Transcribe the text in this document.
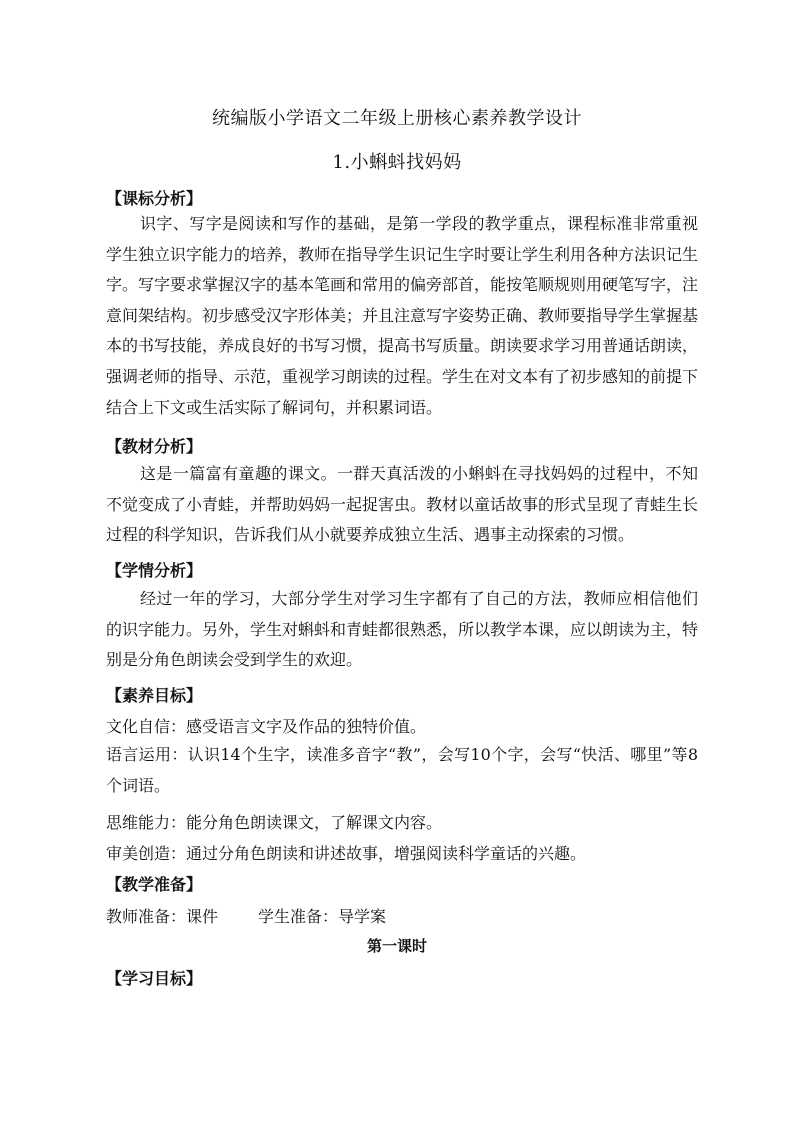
统编版小学语文二年级上册核心素养教学设计
1.小蝌蚪找妈妈
【课标分析】
识字、写字是阅读和写作的基础，是第一学段的教学重点，课程标准非常重视学生独立识字能力的培养，教师在指导学生识记生字时要让学生利用各种方法识记生字。写字要求掌握汉字的基本笔画和常用的偏旁部首，能按笔顺规则用硬笔写字，注意间架结构。初步感受汉字形体美；并且注意写字姿势正确、教师要指导学生掌握基本的书写技能，养成良好的书写习惯，提高书写质量。朗读要求学习用普通话朗读，强调老师的指导、示范，重视学习朗读的过程。学生在对文本有了初步感知的前提下结合上下文或生活实际了解词句，并积累词语。
【教材分析】
这是一篇富有童趣的课文。一群天真活泼的小蝌蚪在寻找妈妈的过程中，不知不觉变成了小青蛙，并帮助妈妈一起捉害虫。教材以童话故事的形式呈现了青蛙生长过程的科学知识，告诉我们从小就要养成独立生活、遇事主动探索的习惯。
【学情分析】
经过一年的学习，大部分学生对学习生字都有了自己的方法，教师应相信他们的识字能力。另外，学生对蝌蚪和青蛙都很熟悉，所以教学本课，应以朗读为主，特别是分角色朗读会受到学生的欢迎。
【素养目标】
文化自信：感受语言文字及作品的独特价值。
语言运用：认识14个生字，读准多音字“教”，会写10个字，会写“快活、哪里”等8个词语。
思维能力：能分角色朗读课文，了解课文内容。
审美创造：通过分角色朗读和讲述故事，增强阅读科学童话的兴趣。
【教学准备】
教师准备：课件	学生准备：导学案
第一课时
【学习目标】
